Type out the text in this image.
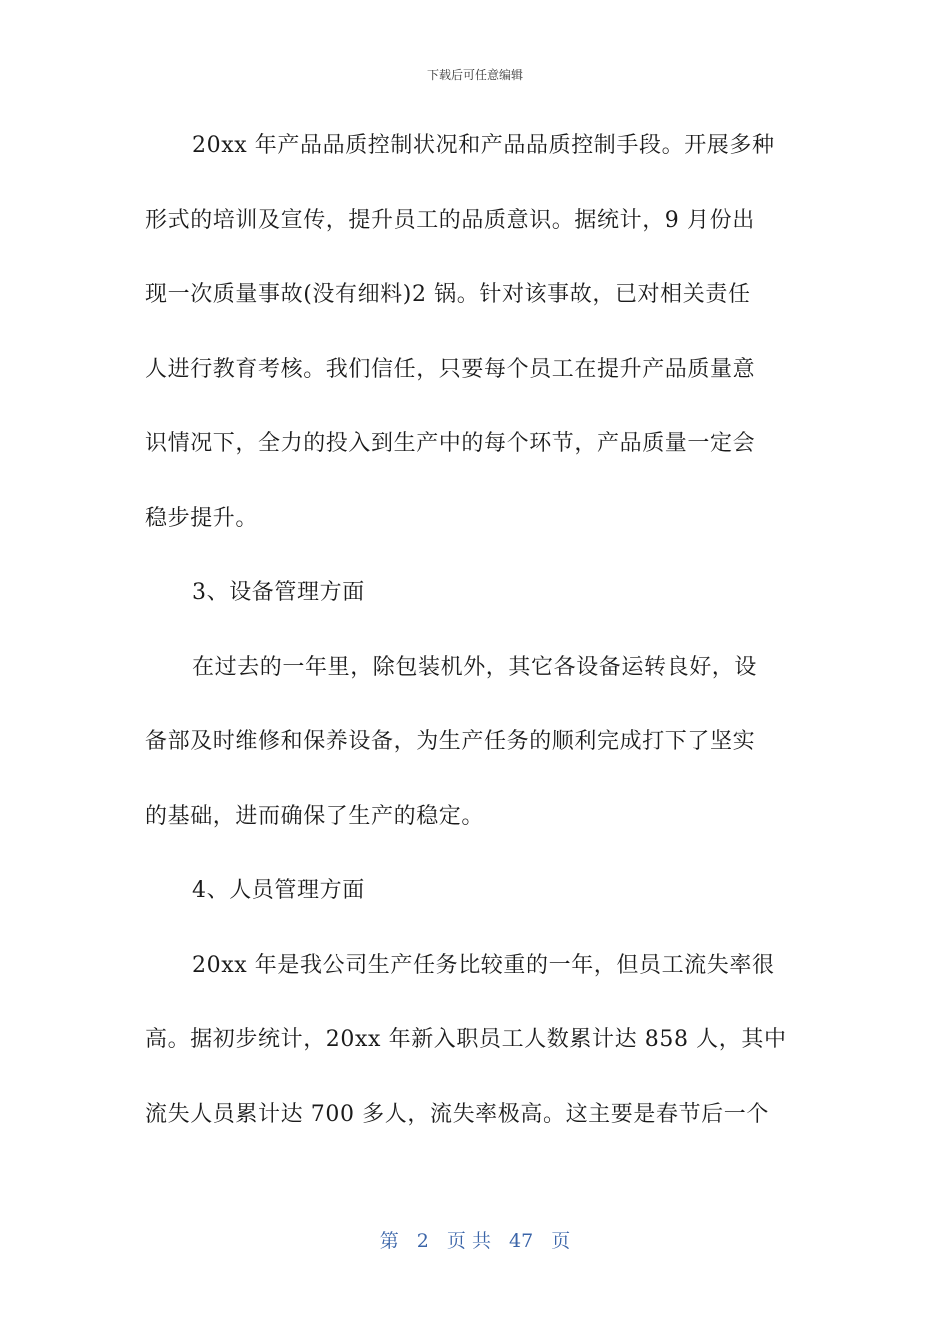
下载后可任意编辑
20xx 年产品品质控制状况和产品品质控制手段。开展多种
形式的培训及宣传，提升员工的品质意识。据统计，9 月份出
现一次质量事故(没有细料)2 锅。针对该事故，已对相关责任
人进行教育考核。我们信任，只要每个员工在提升产品质量意
识情况下，全力的投入到生产中的每个环节，产品质量一定会
稳步提升。
3、设备管理方面
在过去的一年里，除包装机外，其它各设备运转良好，设
备部及时维修和保养设备，为生产任务的顺利完成打下了坚实
的基础，进而确保了生产的稳定。
4、人员管理方面
20xx 年是我公司生产任务比较重的一年，但员工流失率很
高。据初步统计，20xx 年新入职员工人数累计达 858 人，其中
流失人员累计达 700 多人，流失率极高。这主要是春节后一个
第 2 页 共 47 页
